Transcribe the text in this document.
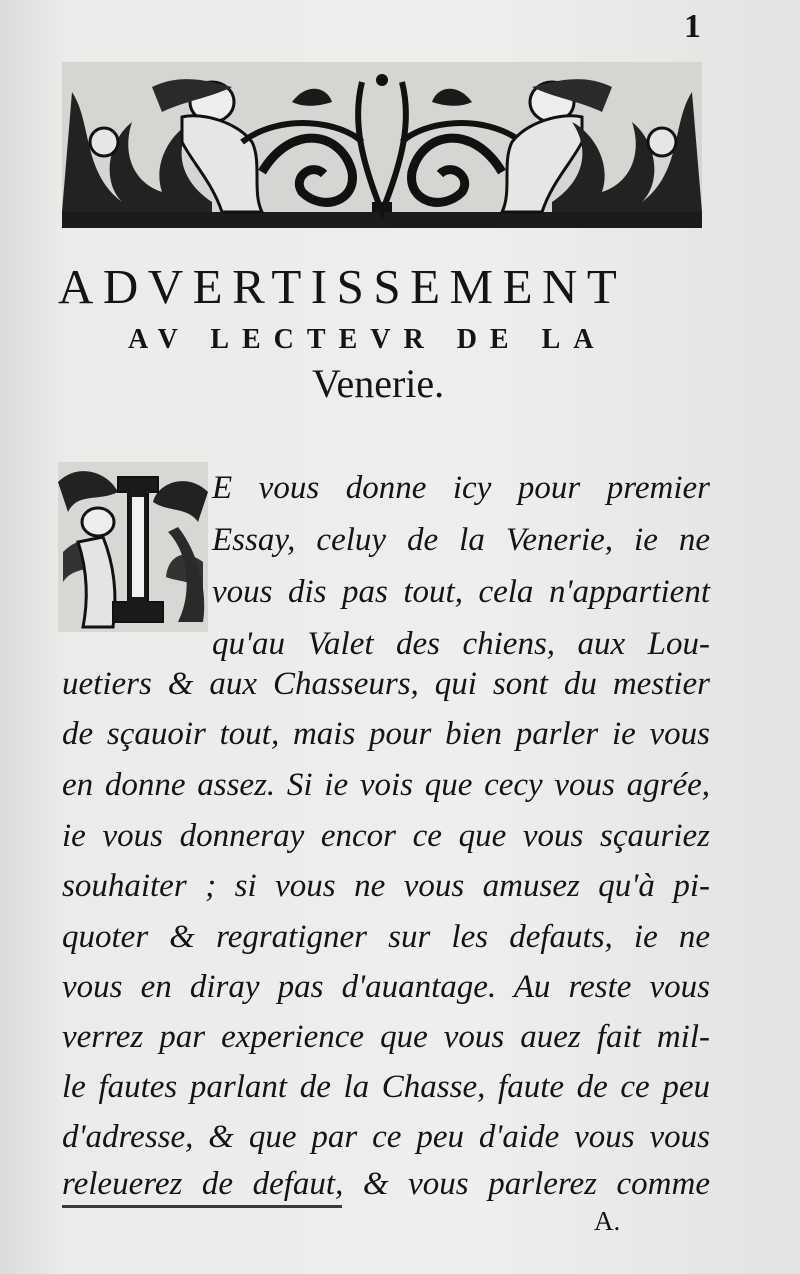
1
ADVERTISSEMENT
AV LECTEVR DE LA
Venerie.
E vous donne icy pour premier
Essay, celuy de la Venerie, ie ne
vous dis pas tout, cela n'appartient
qu'au Valet des chiens, aux Lou-
uetiers & aux Chasseurs, qui sont du mestier
de sçauoir tout, mais pour bien parler ie vous
en donne assez. Si ie vois que cecy vous agrée,
ie vous donneray encor ce que vous sçauriez
souhaiter ; si vous ne vous amusez qu'à pi-
quoter & regratigner sur les defauts, ie ne
vous en diray pas d'auantage. Au reste vous
verrez par experience que vous auez fait mil-
le fautes parlant de la Chasse, faute de ce peu
d'adresse, & que par ce peu d'aide vous vous
releuerez de defaut, & vous parlerez comme
A.
